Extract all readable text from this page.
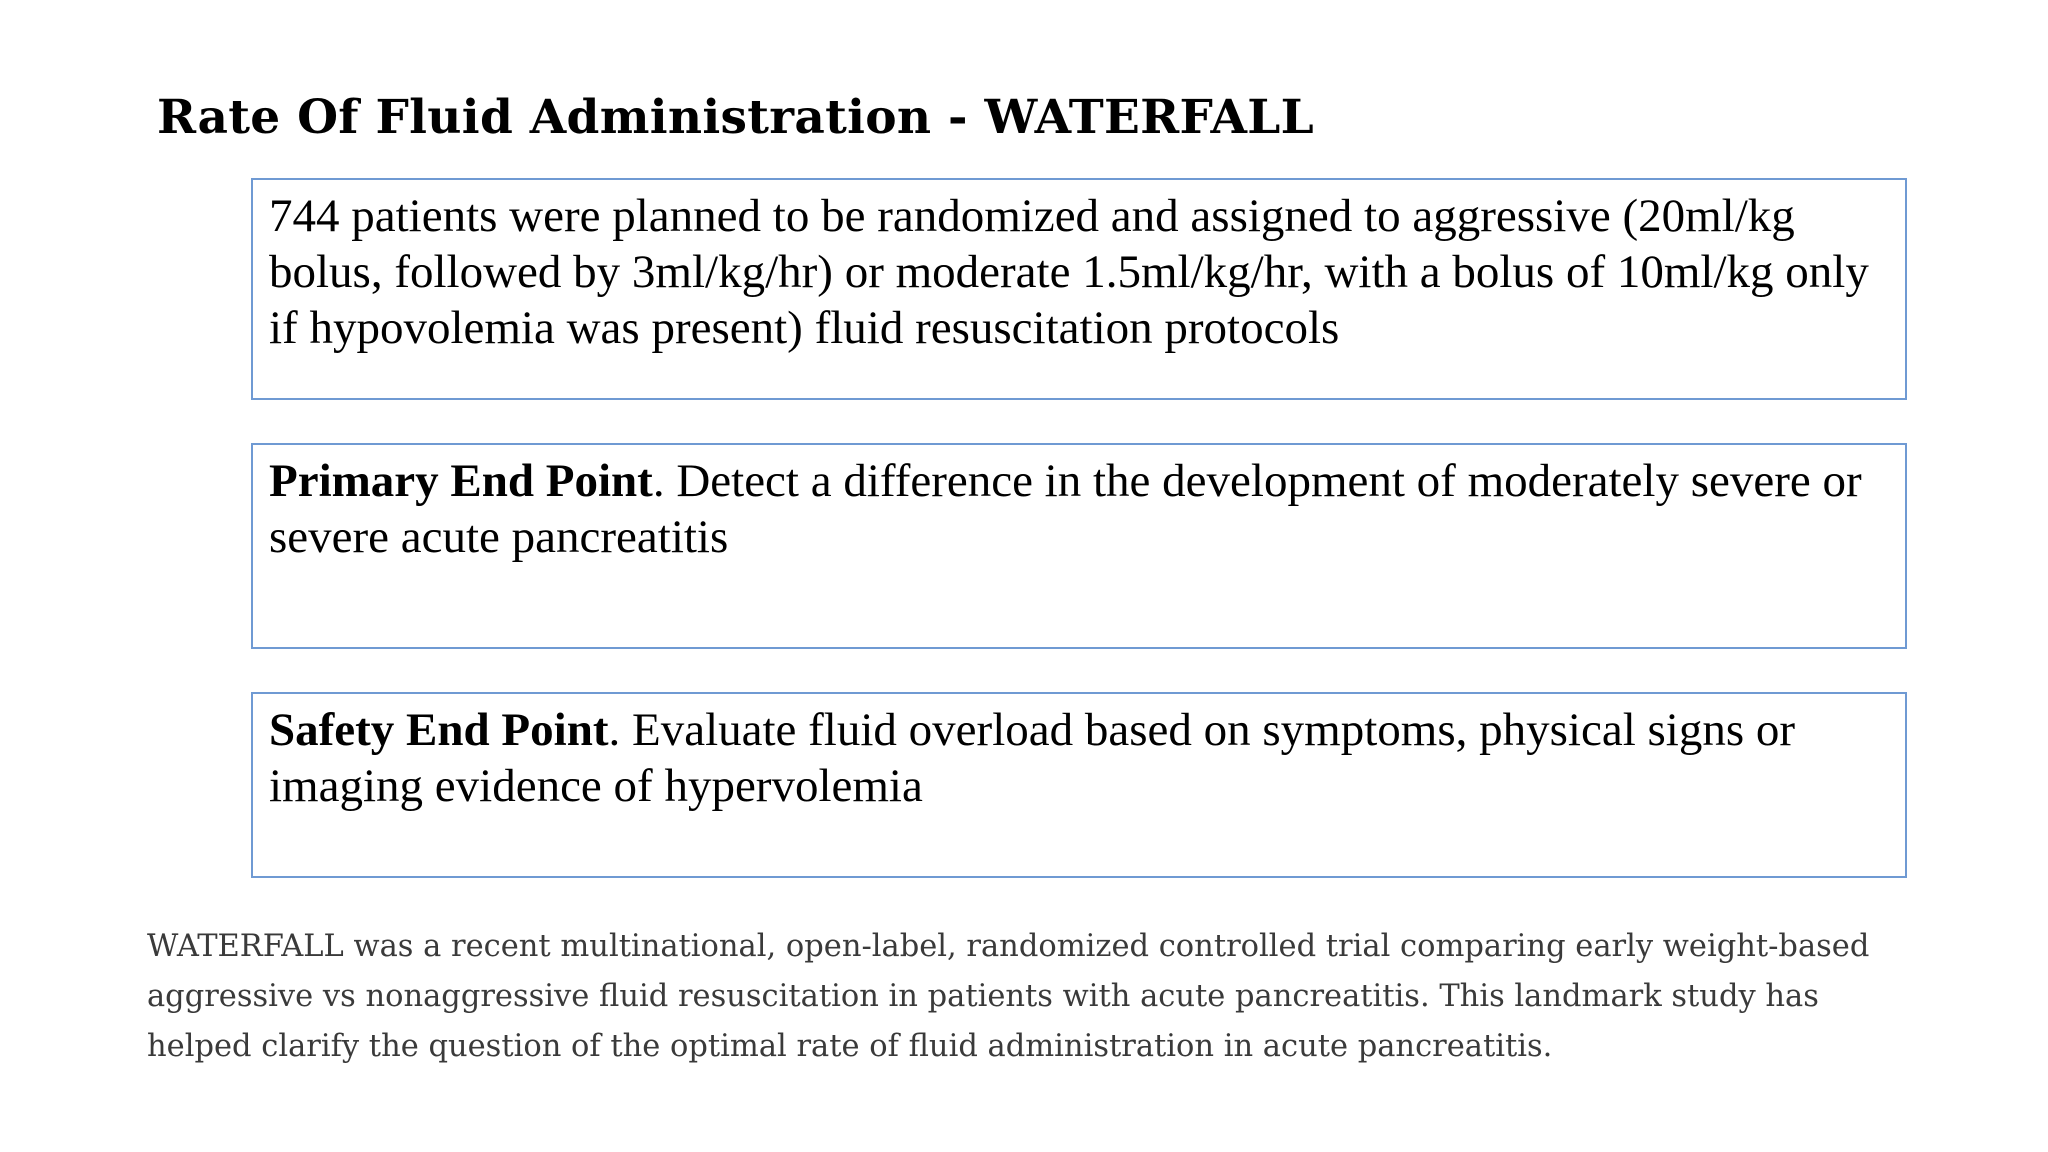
Rate Of Fluid Administration - WATERFALL

744 patients were planned to be randomized and assigned to aggressive (20ml/kg bolus, followed by 3ml/kg/hr) or moderate 1.5ml/kg/hr, with a bolus of 10ml/kg only if hypovolemia was present) fluid resuscitation protocols

Primary End Point. Detect a difference in the development of moderately severe or severe acute pancreatitis

Safety End Point. Evaluate fluid overload based on symptoms, physical signs or imaging evidence of hypervolemia

WATERFALL was a recent multinational, open-label, randomized controlled trial comparing early weight-based aggressive vs nonaggressive fluid resuscitation in patients with acute pancreatitis. This landmark study has helped clarify the question of the optimal rate of fluid administration in acute pancreatitis.
